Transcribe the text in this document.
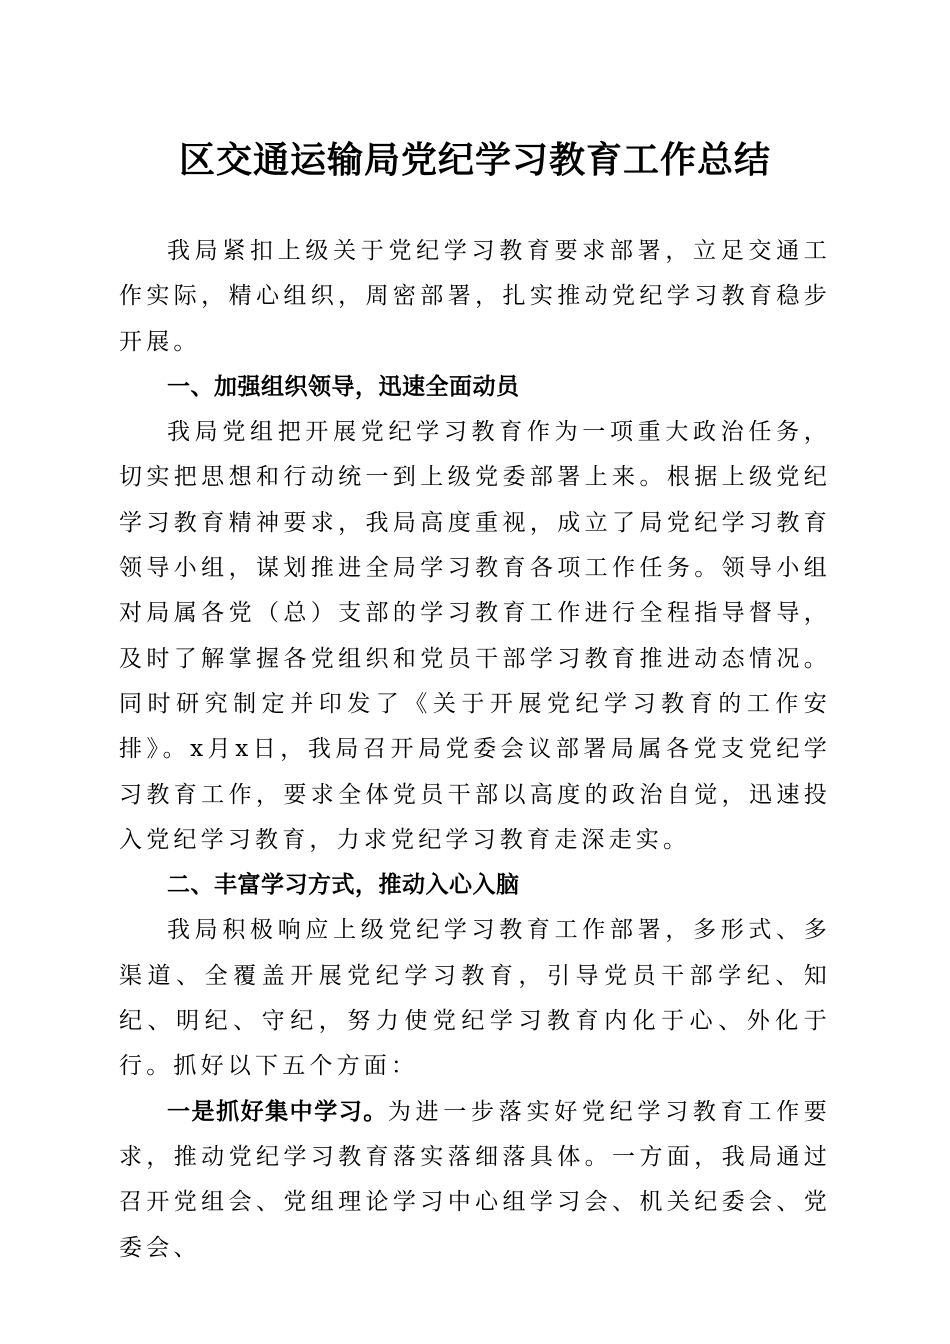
区交通运输局党纪学习教育工作总结

我局紧扣上级关于党纪学习教育要求部署，立足交通工作实际，精心组织，周密部署，扎实推动党纪学习教育稳步开展。

一、加强组织领导，迅速全面动员

我局党组把开展党纪学习教育作为一项重大政治任务，切实把思想和行动统一到上级党委部署上来。根据上级党纪学习教育精神要求，我局高度重视，成立了局党纪学习教育领导小组，谋划推进全局学习教育各项工作任务。领导小组对局属各党（总）支部的学习教育工作进行全程指导督导，及时了解掌握各党组织和党员干部学习教育推进动态情况。同时研究制定并印发了《关于开展党纪学习教育的工作安排》。x月x日，我局召开局党委会议部署局属各党支党纪学习教育工作，要求全体党员干部以高度的政治自觉，迅速投入党纪学习教育，力求党纪学习教育走深走实。

二、丰富学习方式，推动入心入脑

我局积极响应上级党纪学习教育工作部署，多形式、多渠道、全覆盖开展党纪学习教育，引导党员干部学纪、知纪、明纪、守纪，努力使党纪学习教育内化于心、外化于行。抓好以下五个方面：

一是抓好集中学习。为进一步落实好党纪学习教育工作要求，推动党纪学习教育落实落细落具体。一方面，我局通过召开党组会、党组理论学习中心组学习会、机关纪委会、党委会、
